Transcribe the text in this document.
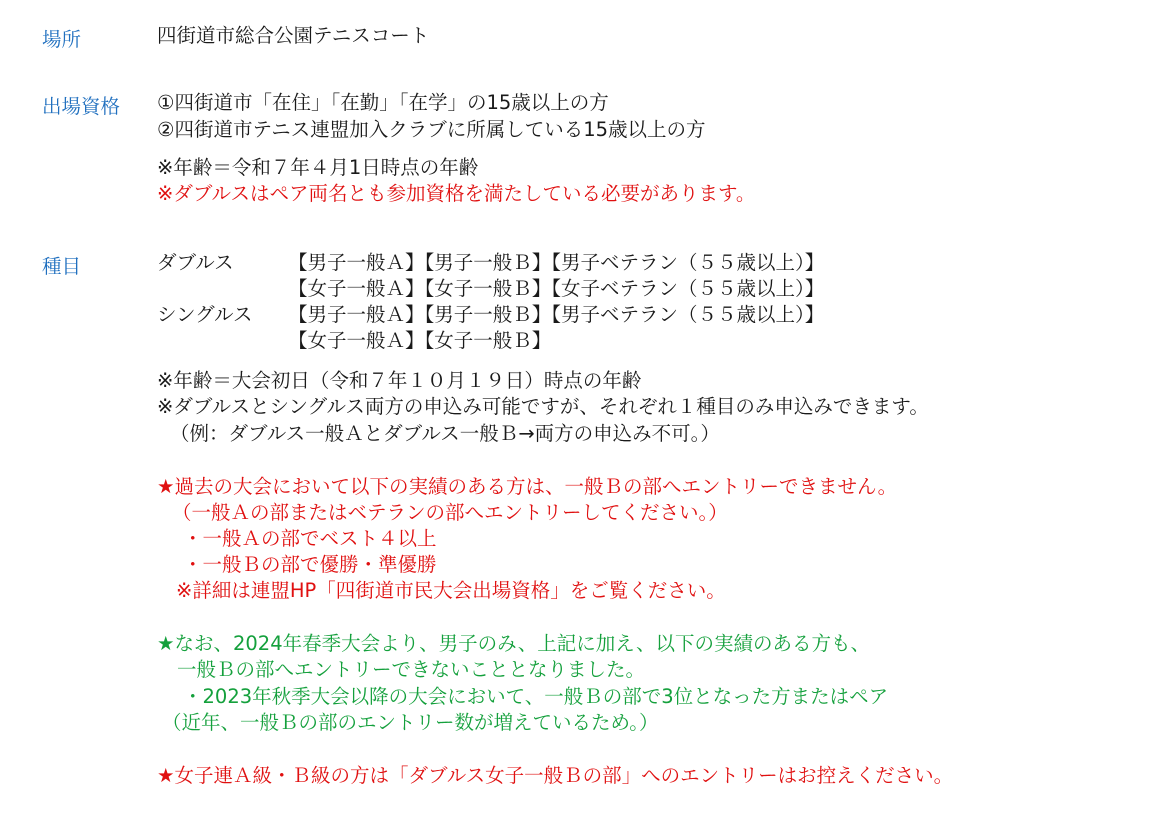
場所	四街道市総合公園テニスコート
出場資格 ①四街道市「在住」「在勤」「在学」の15歳以上の方
②四街道市テニス連盟加入クラブに所属している15歳以上の方
※年齢＝令和７年４月1日時点の年齢
※ダブルスはペア両名とも参加資格を満たしている必要があります。
種目	ダブルス	【男子一般Ａ】【男子一般Ｂ】【男子ベテラン（５５歳以上）】
【女子一般Ａ】【女子一般Ｂ】【女子ベテラン（５５歳以上）】
シングルス 【男子一般Ａ】【男子一般Ｂ】【男子ベテラン（５５歳以上）】
【女子一般Ａ】【女子一般Ｂ】
※年齢＝大会初日（令和７年１０月１９日）時点の年齢
※ダブルスとシングルス両方の申込み可能ですが、それぞれ１種目のみ申込みできます。
（例：ダブルス一般Ａとダブルス一般Ｂ→両方の申込み不可。）
★過去の大会において以下の実績のある方は、一般Ｂの部へエントリーできません。
（一般Ａの部またはベテランの部へエントリーしてください。）
・一般Ａの部でベスト４以上
・一般Ｂの部で優勝・準優勝
※詳細は連盟HP「四街道市民大会出場資格」をご覧ください。
★なお、2024年春季大会より、男子のみ、上記に加え、以下の実績のある方も、
一般Ｂの部へエントリーできないこととなりました。
・2023年秋季大会以降の大会において、一般Ｂの部で3位となった方またはペア
（近年、一般Ｂの部のエントリー数が増えているため。）
★女子連Ａ級・Ｂ級の方は「ダブルス女子一般Ｂの部」へのエントリーはお控えください。
